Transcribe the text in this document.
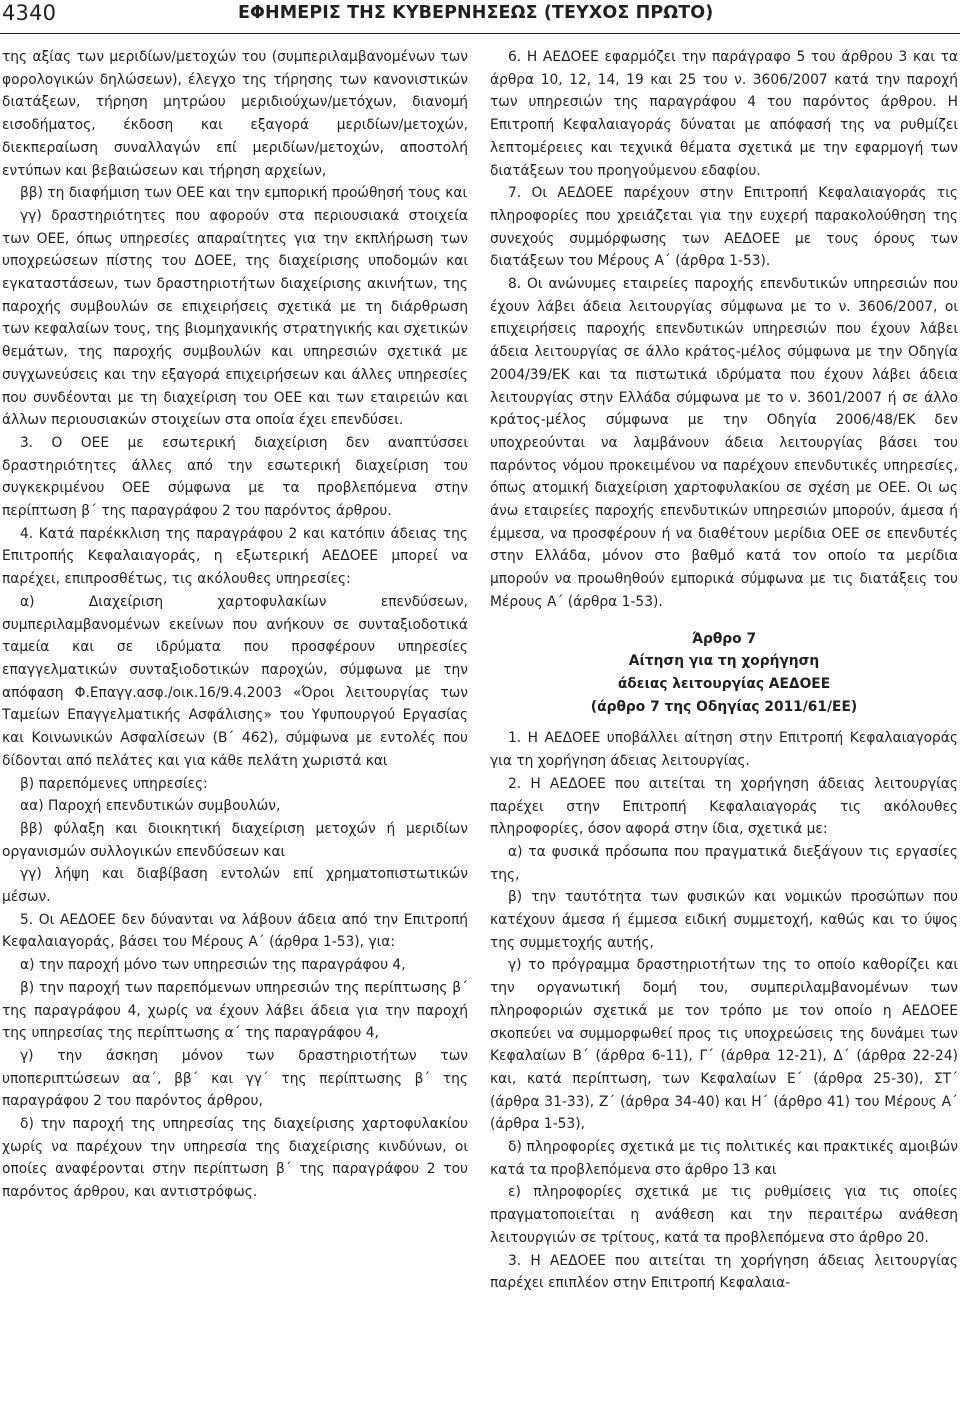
4340	ΕΦΗΜΕΡΙΣ ΤΗΣ ΚΥΒΕΡΝΗΣΕΩΣ (ΤΕΥΧΟΣ ΠΡΩΤΟ)

της αξίας των μεριδίων/μετοχών του (συμπεριλαμβανομένων των φορολογικών δηλώσεων), έλεγχο της τήρησης των κανονιστικών διατάξεων, τήρηση μητρώου μεριδιούχων/μετόχων, διανομή εισοδήματος, έκδοση και εξαγορά μεριδίων/μετοχών, διεκπεραίωση συναλλαγών επί μεριδίων/μετοχών, αποστολή εντύπων και βεβαιώσεων και τήρηση αρχείων,

ββ) τη διαφήμιση των ΟΕΕ και την εμπορική προώθησή τους και

γγ) δραστηριότητες που αφορούν στα περιουσιακά στοιχεία των ΟΕΕ, όπως υπηρεσίες απαραίτητες για την εκπλήρωση των υποχρεώσεων πίστης του ΔΟΕΕ, της διαχείρισης υποδομών και εγκαταστάσεων, των δραστηριοτήτων διαχείρισης ακινήτων, της παροχής συμβουλών σε επιχειρήσεις σχετικά με τη διάρθρωση των κεφαλαίων τους, της βιομηχανικής στρατηγικής και σχετικών θεμάτων, της παροχής συμβουλών και υπηρεσιών σχετικά με συγχωνεύσεις και την εξαγορά επιχειρήσεων και άλλες υπηρεσίες που συνδέονται με τη διαχείριση του ΟΕΕ και των εταιρειών και άλλων περιουσιακών στοιχείων στα οποία έχει επενδύσει.

3. Ο ΟΕΕ με εσωτερική διαχείριση δεν αναπτύσσει δραστηριότητες άλλες από την εσωτερική διαχείριση του συγκεκριμένου ΟΕΕ σύμφωνα με τα προβλεπόμενα στην περίπτωση β΄ της παραγράφου 2 του παρόντος άρθρου.

4. Κατά παρέκκλιση της παραγράφου 2 και κατόπιν άδειας της Επιτροπής Κεφαλαιαγοράς, η εξωτερική ΑΕΔΟΕΕ μπορεί να παρέχει, επιπροσθέτως, τις ακόλουθες υπηρεσίες:

α) Διαχείριση χαρτοφυλακίων επενδύσεων, συμπεριλαμβανομένων εκείνων που ανήκουν σε συνταξιοδοτικά ταμεία και σε ιδρύματα που προσφέρουν υπηρεσίες επαγγελματικών συνταξιοδοτικών παροχών, σύμφωνα με την απόφαση Φ.Επαγγ.ασφ./οικ.16/9.4.2003 «Όροι λειτουργίας των Ταμείων Επαγγελματικής Ασφάλισης» του Υφυπουργού Εργασίας και Κοινωνικών Ασφαλίσεων (Β΄ 462), σύμφωνα με εντολές που δίδονται από πελάτες και για κάθε πελάτη χωριστά και

β) παρεπόμενες υπηρεσίες:

αα) Παροχή επενδυτικών συμβουλών,

ββ) φύλαξη και διοικητική διαχείριση μετοχών ή μεριδίων οργανισμών συλλογικών επενδύσεων και

γγ) λήψη και διαβίβαση εντολών επί χρηματοπιστωτικών μέσων.

5. Οι ΑΕΔΟΕΕ δεν δύνανται να λάβουν άδεια από την Επιτροπή Κεφαλαιαγοράς, βάσει του Μέρους Α΄ (άρθρα 1-53), για:

α) την παροχή μόνο των υπηρεσιών της παραγράφου 4,

β) την παροχή των παρεπόμενων υπηρεσιών της περίπτωσης β΄ της παραγράφου 4, χωρίς να έχουν λάβει άδεια για την παροχή της υπηρεσίας της περίπτωσης α΄ της παραγράφου 4,

γ) την άσκηση μόνον των δραστηριοτήτων των υποπεριπτώσεων αα΄, ββ΄ και γγ΄ της περίπτωσης β΄ της παραγράφου 2 του παρόντος άρθρου,

δ) την παροχή της υπηρεσίας της διαχείρισης χαρτοφυλακίου χωρίς να παρέχουν την υπηρεσία της διαχείρισης κινδύνων, οι οποίες αναφέρονται στην περίπτωση β΄ της παραγράφου 2 του παρόντος άρθρου, και αντιστρόφως.

6. Η ΑΕΔΟΕΕ εφαρμόζει την παράγραφο 5 του άρθρου 3 και τα άρθρα 10, 12, 14, 19 και 25 του ν. 3606/2007 κατά την παροχή των υπηρεσιών της παραγράφου 4 του παρόντος άρθρου. Η Επιτροπή Κεφαλαιαγοράς δύναται με απόφασή της να ρυθμίζει λεπτομέρειες και τεχνικά θέματα σχετικά με την εφαρμογή των διατάξεων του προηγούμενου εδαφίου.

7. Οι ΑΕΔΟΕΕ παρέχουν στην Επιτροπή Κεφαλαιαγοράς τις πληροφορίες που χρειάζεται για την ευχερή παρακολούθηση της συνεχούς συμμόρφωσης των ΑΕΔΟΕΕ με τους όρους των διατάξεων του Μέρους Α΄ (άρθρα 1-53).

8. Οι ανώνυμες εταιρείες παροχής επενδυτικών υπηρεσιών που έχουν λάβει άδεια λειτουργίας σύμφωνα με το ν. 3606/2007, οι επιχειρήσεις παροχής επενδυτικών υπηρεσιών που έχουν λάβει άδεια λειτουργίας σε άλλο κράτος-μέλος σύμφωνα με την Οδηγία 2004/39/ΕΚ και τα πιστωτικά ιδρύματα που έχουν λάβει άδεια λειτουργίας στην Ελλάδα σύμφωνα με το ν. 3601/2007 ή σε άλλο κράτος-μέλος σύμφωνα με την Οδηγία 2006/48/ΕΚ δεν υποχρεούνται να λαμβάνουν άδεια λειτουργίας βάσει του παρόντος νόμου προκειμένου να παρέχουν επενδυτικές υπηρεσίες, όπως ατομική διαχείριση χαρτοφυλακίου σε σχέση με ΟΕΕ. Οι ως άνω εταιρείες παροχής επενδυτικών υπηρεσιών μπορούν, άμεσα ή έμμεσα, να προσφέρουν ή να διαθέτουν μερίδια ΟΕΕ σε επενδυτές στην Ελλάδα, μόνον στο βαθμό κατά τον οποίο τα μερίδια μπορούν να προωθηθούν εμπορικά σύμφωνα με τις διατάξεις του Μέρους Α΄ (άρθρα 1-53).

Άρθρο 7
Αίτηση για τη χορήγηση
άδειας λειτουργίας ΑΕΔΟΕΕ
(άρθρο 7 της Οδηγίας 2011/61/ΕΕ)

1. Η ΑΕΔΟΕΕ υποβάλλει αίτηση στην Επιτροπή Κεφαλαιαγοράς για τη χορήγηση άδειας λειτουργίας.

2. Η ΑΕΔΟΕΕ που αιτείται τη χορήγηση άδειας λειτουργίας παρέχει στην Επιτροπή Κεφαλαιαγοράς τις ακόλουθες πληροφορίες, όσον αφορά στην ίδια, σχετικά με:

α) τα φυσικά πρόσωπα που πραγματικά διεξάγουν τις εργασίες της,

β) την ταυτότητα των φυσικών και νομικών προσώπων που κατέχουν άμεσα ή έμμεσα ειδική συμμετοχή, καθώς και το ύψος της συμμετοχής αυτής,

γ) το πρόγραμμα δραστηριοτήτων της το οποίο καθορίζει και την οργανωτική δομή του, συμπεριλαμβανομένων των πληροφοριών σχετικά με τον τρόπο με τον οποίο η ΑΕΔΟΕΕ σκοπεύει να συμμορφωθεί προς τις υποχρεώσεις της δυνάμει των Κεφαλαίων Β΄ (άρθρα 6-11), Γ΄ (άρθρα 12-21), Δ΄ (άρθρα 22-24) και, κατά περίπτωση, των Κεφαλαίων Ε΄ (άρθρα 25-30), ΣΤ΄ (άρθρα 31-33), Ζ΄ (άρθρα 34-40) και Η΄ (άρθρο 41) του Μέρους Α΄ (άρθρα 1-53),

δ) πληροφορίες σχετικά με τις πολιτικές και πρακτικές αμοιβών κατά τα προβλεπόμενα στο άρθρο 13 και

ε) πληροφορίες σχετικά με τις ρυθμίσεις για τις οποίες πραγματοποιείται η ανάθεση και την περαιτέρω ανάθεση λειτουργιών σε τρίτους, κατά τα προβλεπόμενα στο άρθρο 20.

3. Η ΑΕΔΟΕΕ που αιτείται τη χορήγηση άδειας λειτουργίας παρέχει επιπλέον στην Επιτροπή Κεφαλαια-
